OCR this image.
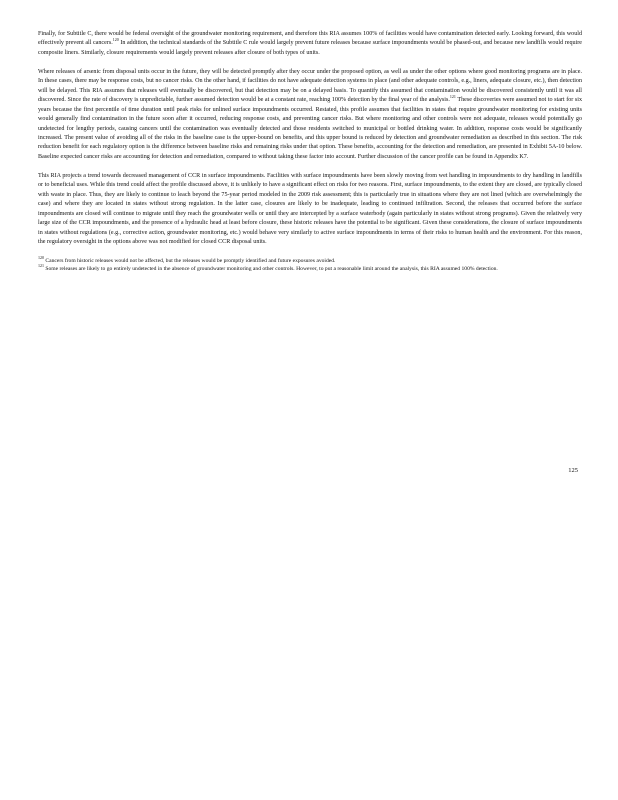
Finally, for Subtitle C, there would be federal oversight of the groundwater monitoring requirement, and therefore this RIA assumes 100% of facilities would have contamination detected early. Looking forward, this would effectively prevent all cancers.$^{120}$ In addition, the technical standards of the Subtitle C rule would largely prevent future releases because surface impoundments would be phased-out, and because new landfills would require composite liners. Similarly, closure requirements would largely prevent releases after closure of both types of units.

Where releases of arsenic from disposal units occur in the future, they will be detected promptly after they occur under the proposed option, as well as under the other options where good monitoring programs are in place. In these cases, there may be response costs, but no cancer risks. On the other hand, if facilities do not have adequate detection systems in place (and other adequate controls, e.g., liners, adequate closure, etc.), then detection will be delayed. This RIA assumes that releases will eventually be discovered, but that detection may be on a delayed basis. To quantify this assumed that contamination would be discovered consistently until it was all discovered. Since the rate of discovery is unpredictable, further assumed detection would be at a constant rate, reaching 100% detection by the final year of the analysis.$^{121}$ These discoveries were assumed not to start for six years because the first percentile of time duration until peak risks for unlined surface impoundments occurred. Restated, this profile assumes that facilities in states that require groundwater monitoring for existing units would generally find contamination in the future soon after it occurred, reducing response costs, and preventing cancer risks. But where monitoring and other controls were not adequate, releases would potentially go undetected for lengthy periods, causing cancers until the contamination was eventually detected and those residents switched to municipal or bottled drinking water. In addition, response costs would be significantly increased. The present value of avoiding all of the risks in the baseline case is the upper-bound on benefits, and this upper bound is reduced by detection and groundwater remediation as described in this section. The risk reduction benefit for each regulatory option is the difference between baseline risks and remaining risks under that option. These benefits, accounting for the detection and remediation, are presented in Exhibit 5A-10 below. Baseline expected cancer risks are accounting for detection and remediation, compared to without taking these factor into account. Further discussion of the cancer profile can be found in Appendix K7.

This RIA projects a trend towards decreased management of CCR in surface impoundments. Facilities with surface impoundments have been slowly moving from wet handling in impoundments to dry handling in landfills or to beneficial uses. While this trend could affect the profile discussed above, it is unlikely to have a significant effect on risks for two reasons. First, surface impoundments, to the extent they are closed, are typically closed with waste in place. Thus, they are likely to continue to leach beyond the 75-year period modeled in the 2009 risk assessment; this is particularly true in situations where they are not lined (which are overwhelmingly the case) and where they are located in states without strong regulation. In the latter case, closures are likely to be inadequate, leading to continued infiltration. Second, the releases that occurred before the surface impoundments are closed will continue to migrate until they reach the groundwater wells or until they are intercepted by a surface waterbody (again particularly in states without strong programs). Given the relatively very large size of the CCR impoundments, and the presence of a hydraulic head at least before closure, these historic releases have the potential to be significant. Given these considerations, the closure of surface impoundments in states without regulations (e.g., corrective action, groundwater monitoring, etc.) would behave very similarly to active surface impoundments in terms of their risks to human health and the environment. For this reason, the regulatory oversight in the options above was not modified for closed CCR disposal units.

$^{120}$ Cancers from historic releases would not be affected, but the releases would be promptly identified and future exposures avoided.

$^{121}$ Some releases are likely to go entirely undetected in the absence of groundwater monitoring and other controls. However, to put a reasonable limit around the analysis, this RIA assumed 100% detection.

125
